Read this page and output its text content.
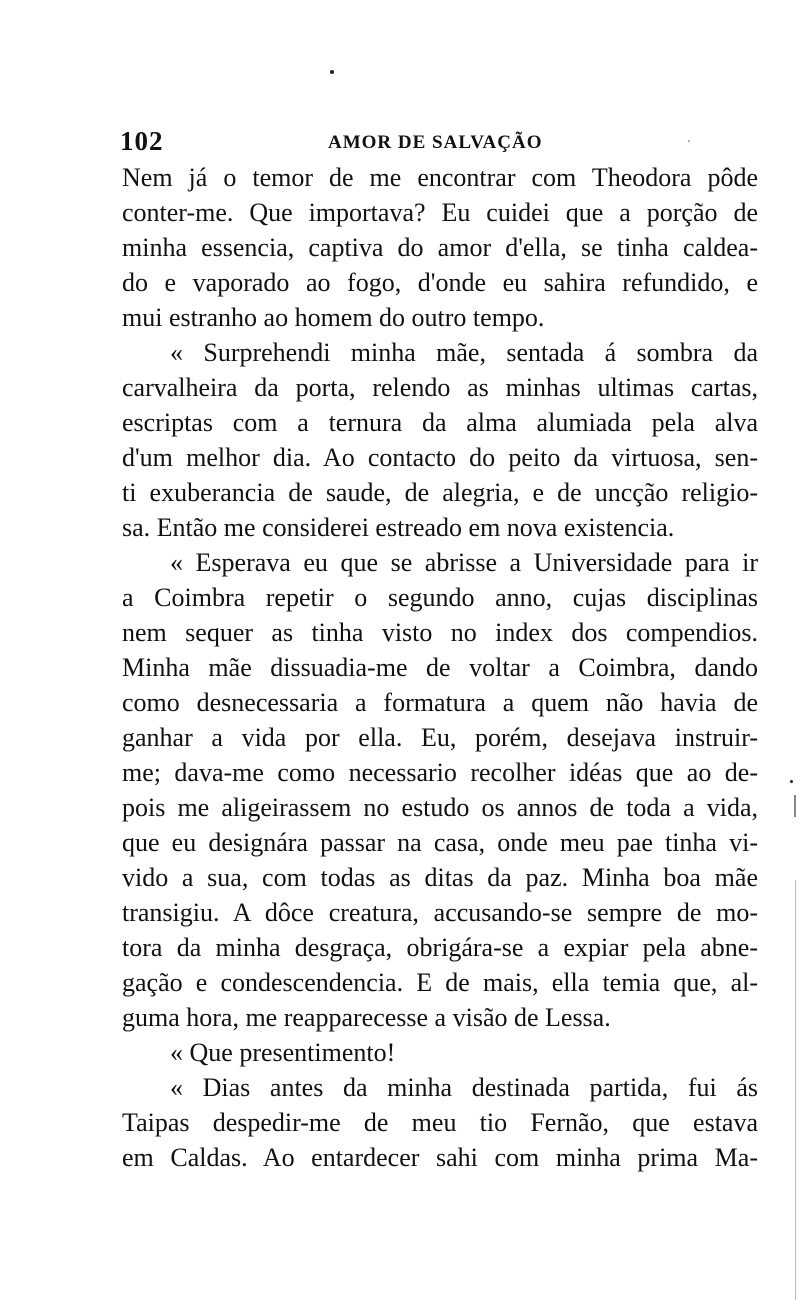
102	AMOR DE SALVAÇÃO
Nem já o temor de me encontrar com Theodora pôde
conter-me. Que importava? Eu cuidei que a porção de
minha essencia, captiva do amor d'ella, se tinha caldea-
do e vaporado ao fogo, d'onde eu sahira refundido, e
mui estranho ao homem do outro tempo.
« Surprehendi minha mãe, sentada á sombra da
carvalheira da porta, relendo as minhas ultimas cartas,
escriptas com a ternura da alma alumiada pela alva
d'um melhor dia. Ao contacto do peito da virtuosa, sen-
ti exuberancia de saude, de alegria, e de uncção religio-
sa. Então me considerei estreado em nova existencia.
« Esperava eu que se abrisse a Universidade para ir
a Coimbra repetir o segundo anno, cujas disciplinas
nem sequer as tinha visto no index dos compendios.
Minha mãe dissuadia-me de voltar a Coimbra, dando
como desnecessaria a formatura a quem não havia de
ganhar a vida por ella. Eu, porém, desejava instruir-
me; dava-me como necessario recolher idéas que ao de-
pois me aligeirassem no estudo os annos de toda a vida,
que eu designára passar na casa, onde meu pae tinha vi-
vido a sua, com todas as ditas da paz. Minha boa mãe
transigiu. A dôce creatura, accusando-se sempre de mo-
tora da minha desgraça, obrigára-se a expiar pela abne-
gação e condescendencia. E de mais, ella temia que, al-
guma hora, me reapparecesse a visão de Lessa.
« Que presentimento!
« Dias antes da minha destinada partida, fui ás
Taipas despedir-me de meu tio Fernão, que estava
em Caldas. Ao entardecer sahi com minha prima Ma-
